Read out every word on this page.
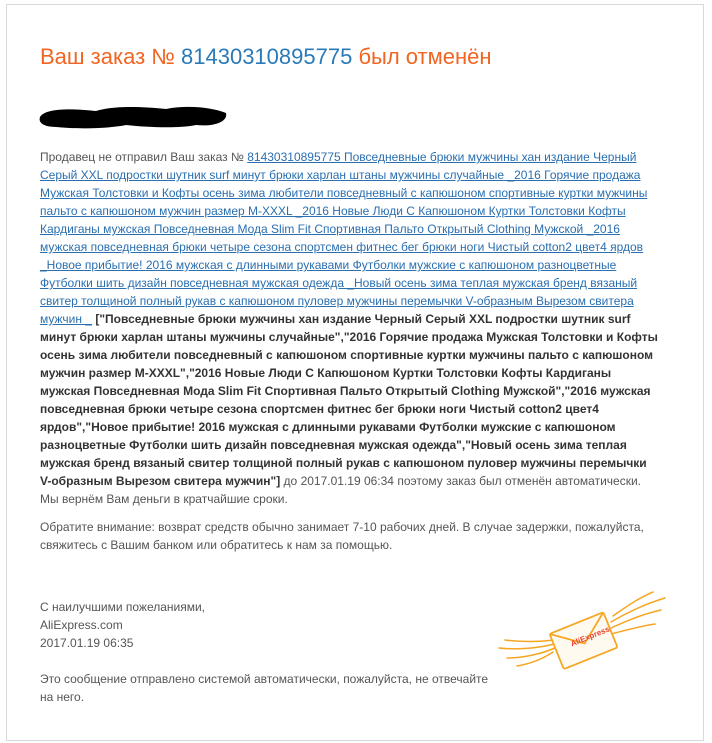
Ваш заказ № 81430310895775 был отменён
Продавец не отправил Ваш заказ № 81430310895775 Повседневные брюки мужчины хан издание Черный Серый XXL подростки шутник surf минут брюки харлан штаны мужчины случайные _2016 Горячие продажа Мужская Толстовки и Кофты осень зима любители повседневный с капюшоном спортивные куртки мужчины пальто с капюшоном мужчин размер M-XXXL _2016 Новые Люди С Капюшоном Куртки Толстовки Кофты Кардиганы мужская Повседневная Мода Slim Fit Спортивная Пальто Открытый Clothing Мужской _2016 мужская повседневная брюки четыре сезона спортсмен фитнес бег брюки ноги Чистый cotton2 цвет4 ярдов _Новое прибытие! 2016 мужская с длинными рукавами Футболки мужские с капюшоном разноцветные Футболки шить дизайн повседневная мужская одежда _Новый осень зима теплая мужская бренд вязаный свитер толщиной полный рукав с капюшоном пуловер мужчины перемычки V-образным Вырезом свитера мужчин _ ["Повседневные брюки мужчины хан издание Черный Серый XXL подростки шутник surf минут брюки харлан штаны мужчины случайные","2016 Горячие продажа Мужская Толстовки и Кофты осень зима любители повседневный с капюшоном спортивные куртки мужчины пальто с капюшоном мужчин размер M-XXXL","2016 Новые Люди С Капюшоном Куртки Толстовки Кофты Кардиганы мужская Повседневная Мода Slim Fit Спортивная Пальто Открытый Clothing Мужской","2016 мужская повседневная брюки четыре сезона спортсмен фитнес бег брюки ноги Чистый cotton2 цвет4 ярдов","Новое прибытие! 2016 мужская с длинными рукавами Футболки мужские с капюшоном разноцветные Футболки шить дизайн повседневная мужская одежда","Новый осень зима теплая мужская бренд вязаный свитер толщиной полный рукав с капюшоном пуловер мужчины перемычки V-образным Вырезом свитера мужчин"] до 2017.01.19 06:34 поэтому заказ был отменён автоматически. Мы вернём Вам деньги в кратчайшие сроки.
Обратите внимание: возврат средств обычно занимает 7-10 рабочих дней. В случае задержки, пожалуйста, свяжитесь с Вашим банком или обратитесь к нам за помощью.
С наилучшими пожеланиями,
AliExpress.com
2017.01.19 06:35
Это сообщение отправлено системой автоматически, пожалуйста, не отвечайте на него.
AliExpress
